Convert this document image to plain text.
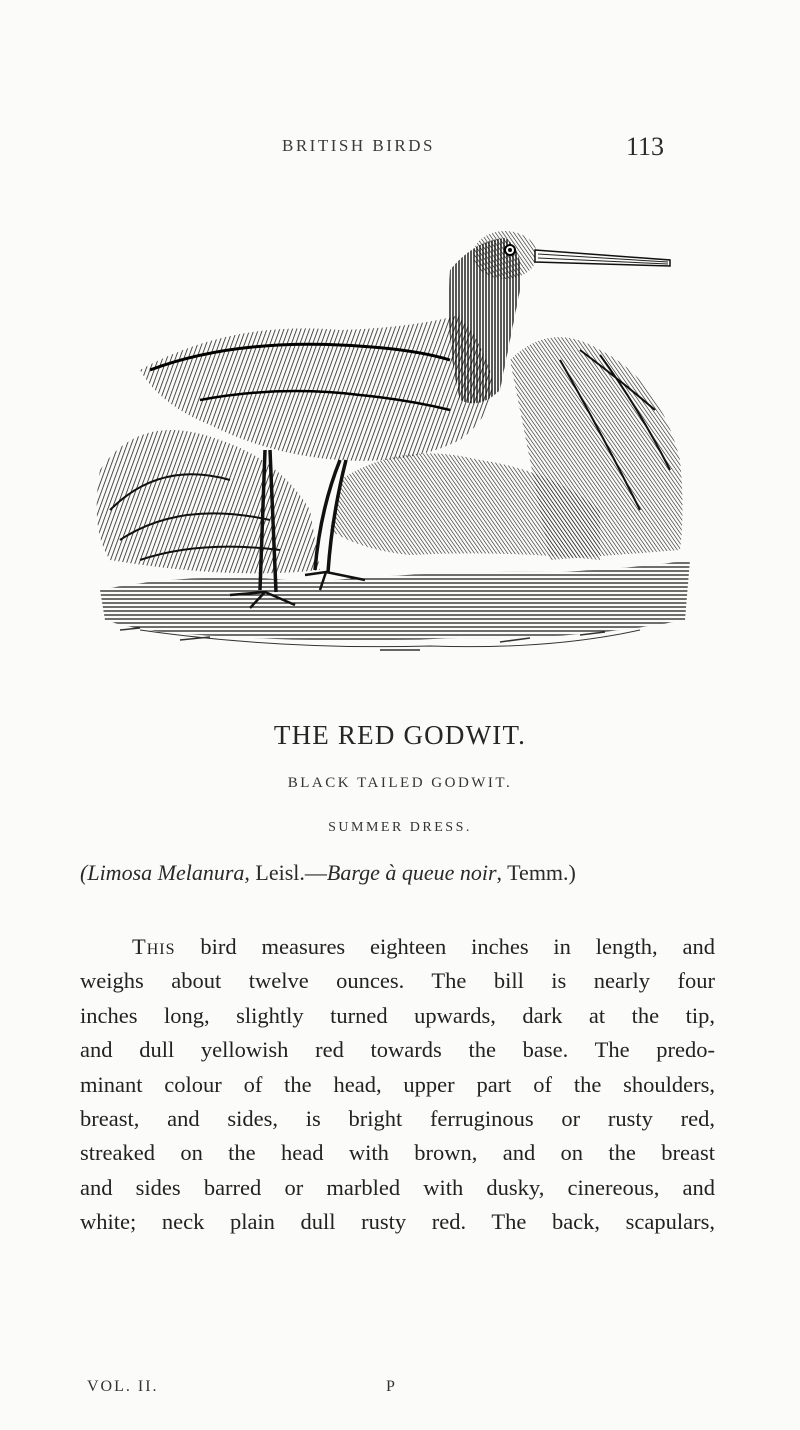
BRITISH BIRDS	113
THE RED GODWIT.
BLACK TAILED GODWIT.
SUMMER DRESS.
(Limosa Melanura, Leisl.—Barge à queue noir, Temm.)
This bird measures eighteen inches in length, and
weighs about twelve ounces. The bill is nearly four
inches long, slightly turned upwards, dark at the tip,
and dull yellowish red towards the base. The predo-
minant colour of the head, upper part of the shoulders,
breast, and sides, is bright ferruginous or rusty red,
streaked on the head with brown, and on the breast
and sides barred or marbled with dusky, cinereous, and
white; neck plain dull rusty red. The back, scapulars,
VOL. II.	P
